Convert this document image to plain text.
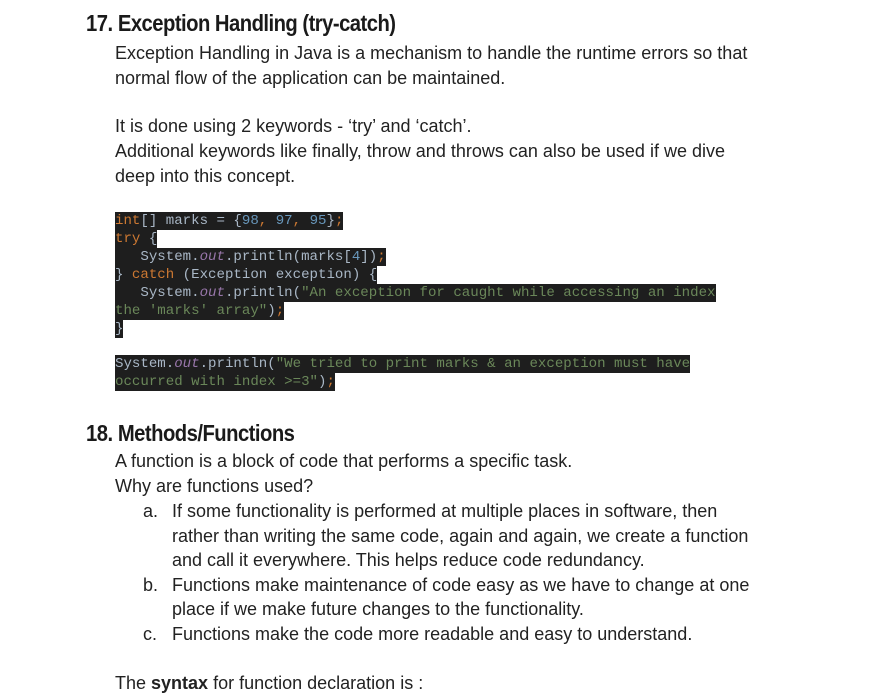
17. Exception Handling (try-catch)

Exception Handling in Java is a mechanism to handle the runtime errors so that
normal flow of the application can be maintained.

It is done using 2 keywords - ‘try’ and ‘catch’.

Additional keywords like finally, throw and throws can also be used if we dive
deep into this concept.

int[] marks = {98, 97, 95};
try {
System.out.println(marks[4]);
} catch (Exception exception) {
System.out.println("An exception for caught while accessing an index
the 'marks' array");
}

System.out.println("We tried to print marks & an exception must have
occurred with index >=3");

18. Methods/Functions

A function is a block of code that performs a specific task.

Why are functions used?

a. If some functionality is performed at multiple places in software, then
rather than writing the same code, again and again, we create a function
and call it everywhere. This helps reduce code redundancy.
b. Functions make maintenance of code easy as we have to change at one
place if we make future changes to the functionality.
c. Functions make the code more readable and easy to understand.

The syntax for function declaration is :
